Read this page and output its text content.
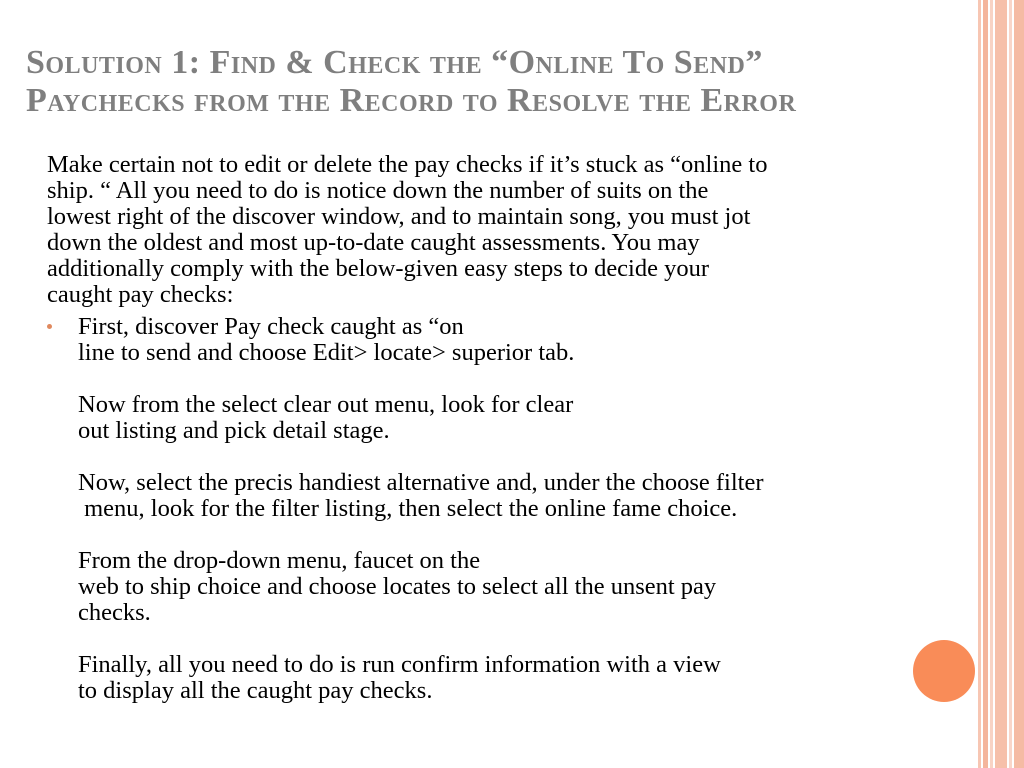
Solution 1: Find & Check the “Online To Send”
Paychecks from the Record to Resolve the Error
Make certain not to edit or delete the pay checks if it’s stuck as “online to
ship. “ All you need to do is notice down the number of suits on the
lowest right of the discover window, and to maintain song, you must jot
down the oldest and most up-to-date caught assessments. You may
additionally comply with the below-given easy steps to decide your
caught pay checks:
First, discover Pay check caught as “on
line to send and choose Edit> locate> superior tab.
Now from the select clear out menu, look for clear
out listing and pick detail stage.
Now, select the precis handiest alternative and, under the choose filter
menu, look for the filter listing, then select the online fame choice.
From the drop-down menu, faucet on the
web to ship choice and choose locates to select all the unsent pay
checks.
Finally, all you need to do is run confirm information with a view
to display all the caught pay checks.
